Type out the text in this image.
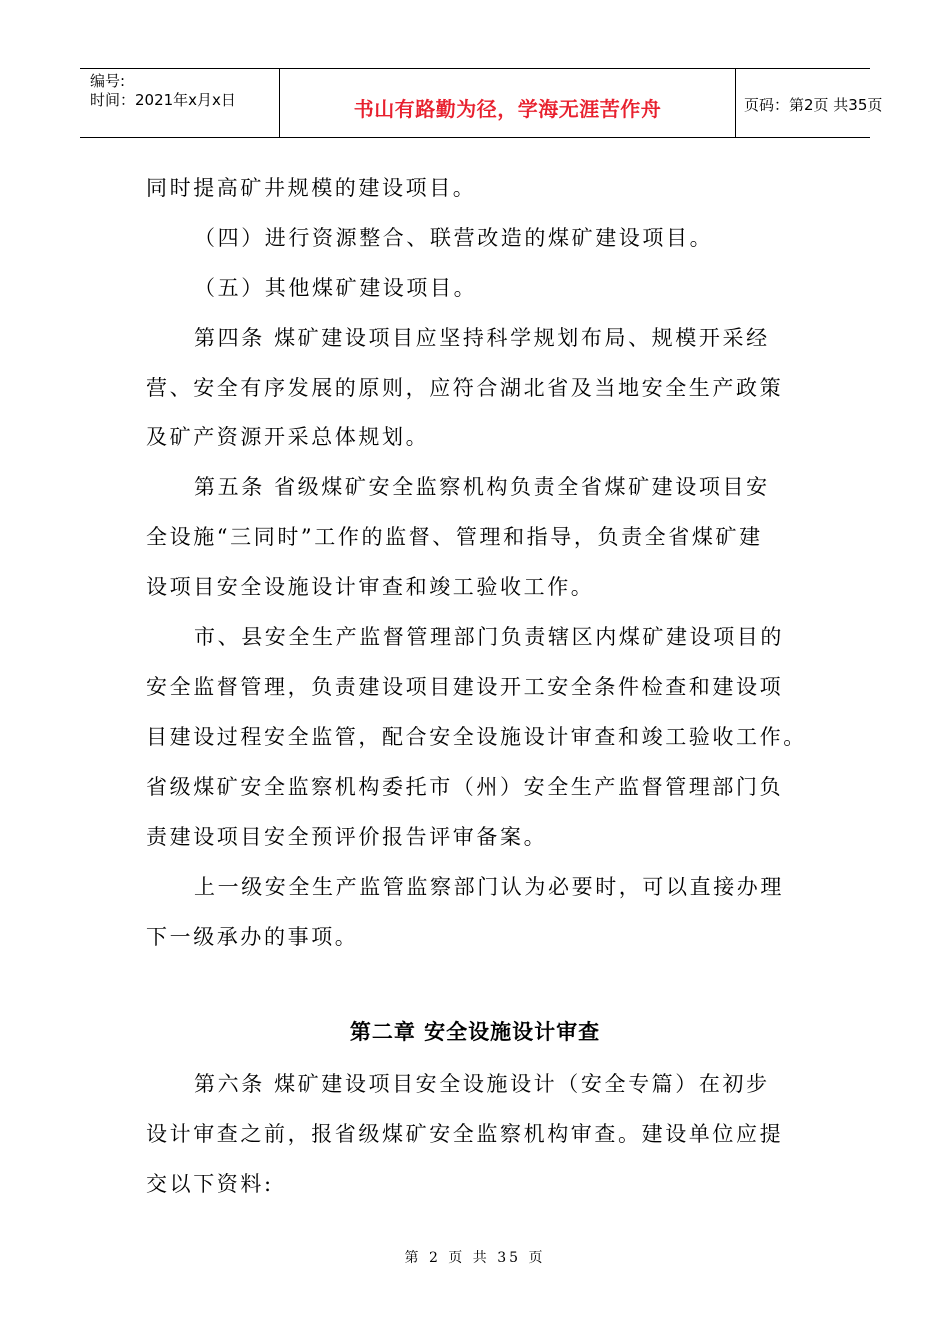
编号:
时间：2021年x月x日	书山有路勤为径，学海无涯苦作舟	页码：第2页 共35页
同时提高矿井规模的建设项目。
（四）进行资源整合、联营改造的煤矿建设项目。
（五）其他煤矿建设项目。
第四条 煤矿建设项目应坚持科学规划布局、规模开采经
营、安全有序发展的原则，应符合湖北省及当地安全生产政策
及矿产资源开采总体规划。
第五条 省级煤矿安全监察机构负责全省煤矿建设项目安
全设施“三同时”工作的监督、管理和指导，负责全省煤矿建
设项目安全设施设计审查和竣工验收工作。
市、县安全生产监督管理部门负责辖区内煤矿建设项目的
安全监督管理，负责建设项目建设开工安全条件检查和建设项
目建设过程安全监管，配合安全设施设计审查和竣工验收工作。
省级煤矿安全监察机构委托市（州）安全生产监督管理部门负
责建设项目安全预评价报告评审备案。
上一级安全生产监管监察部门认为必要时，可以直接办理
下一级承办的事项。
第二章 安全设施设计审查
第六条 煤矿建设项目安全设施设计（安全专篇）在初步
设计审查之前，报省级煤矿安全监察机构审查。建设单位应提
交以下资料:
第 2 页 共 35 页
